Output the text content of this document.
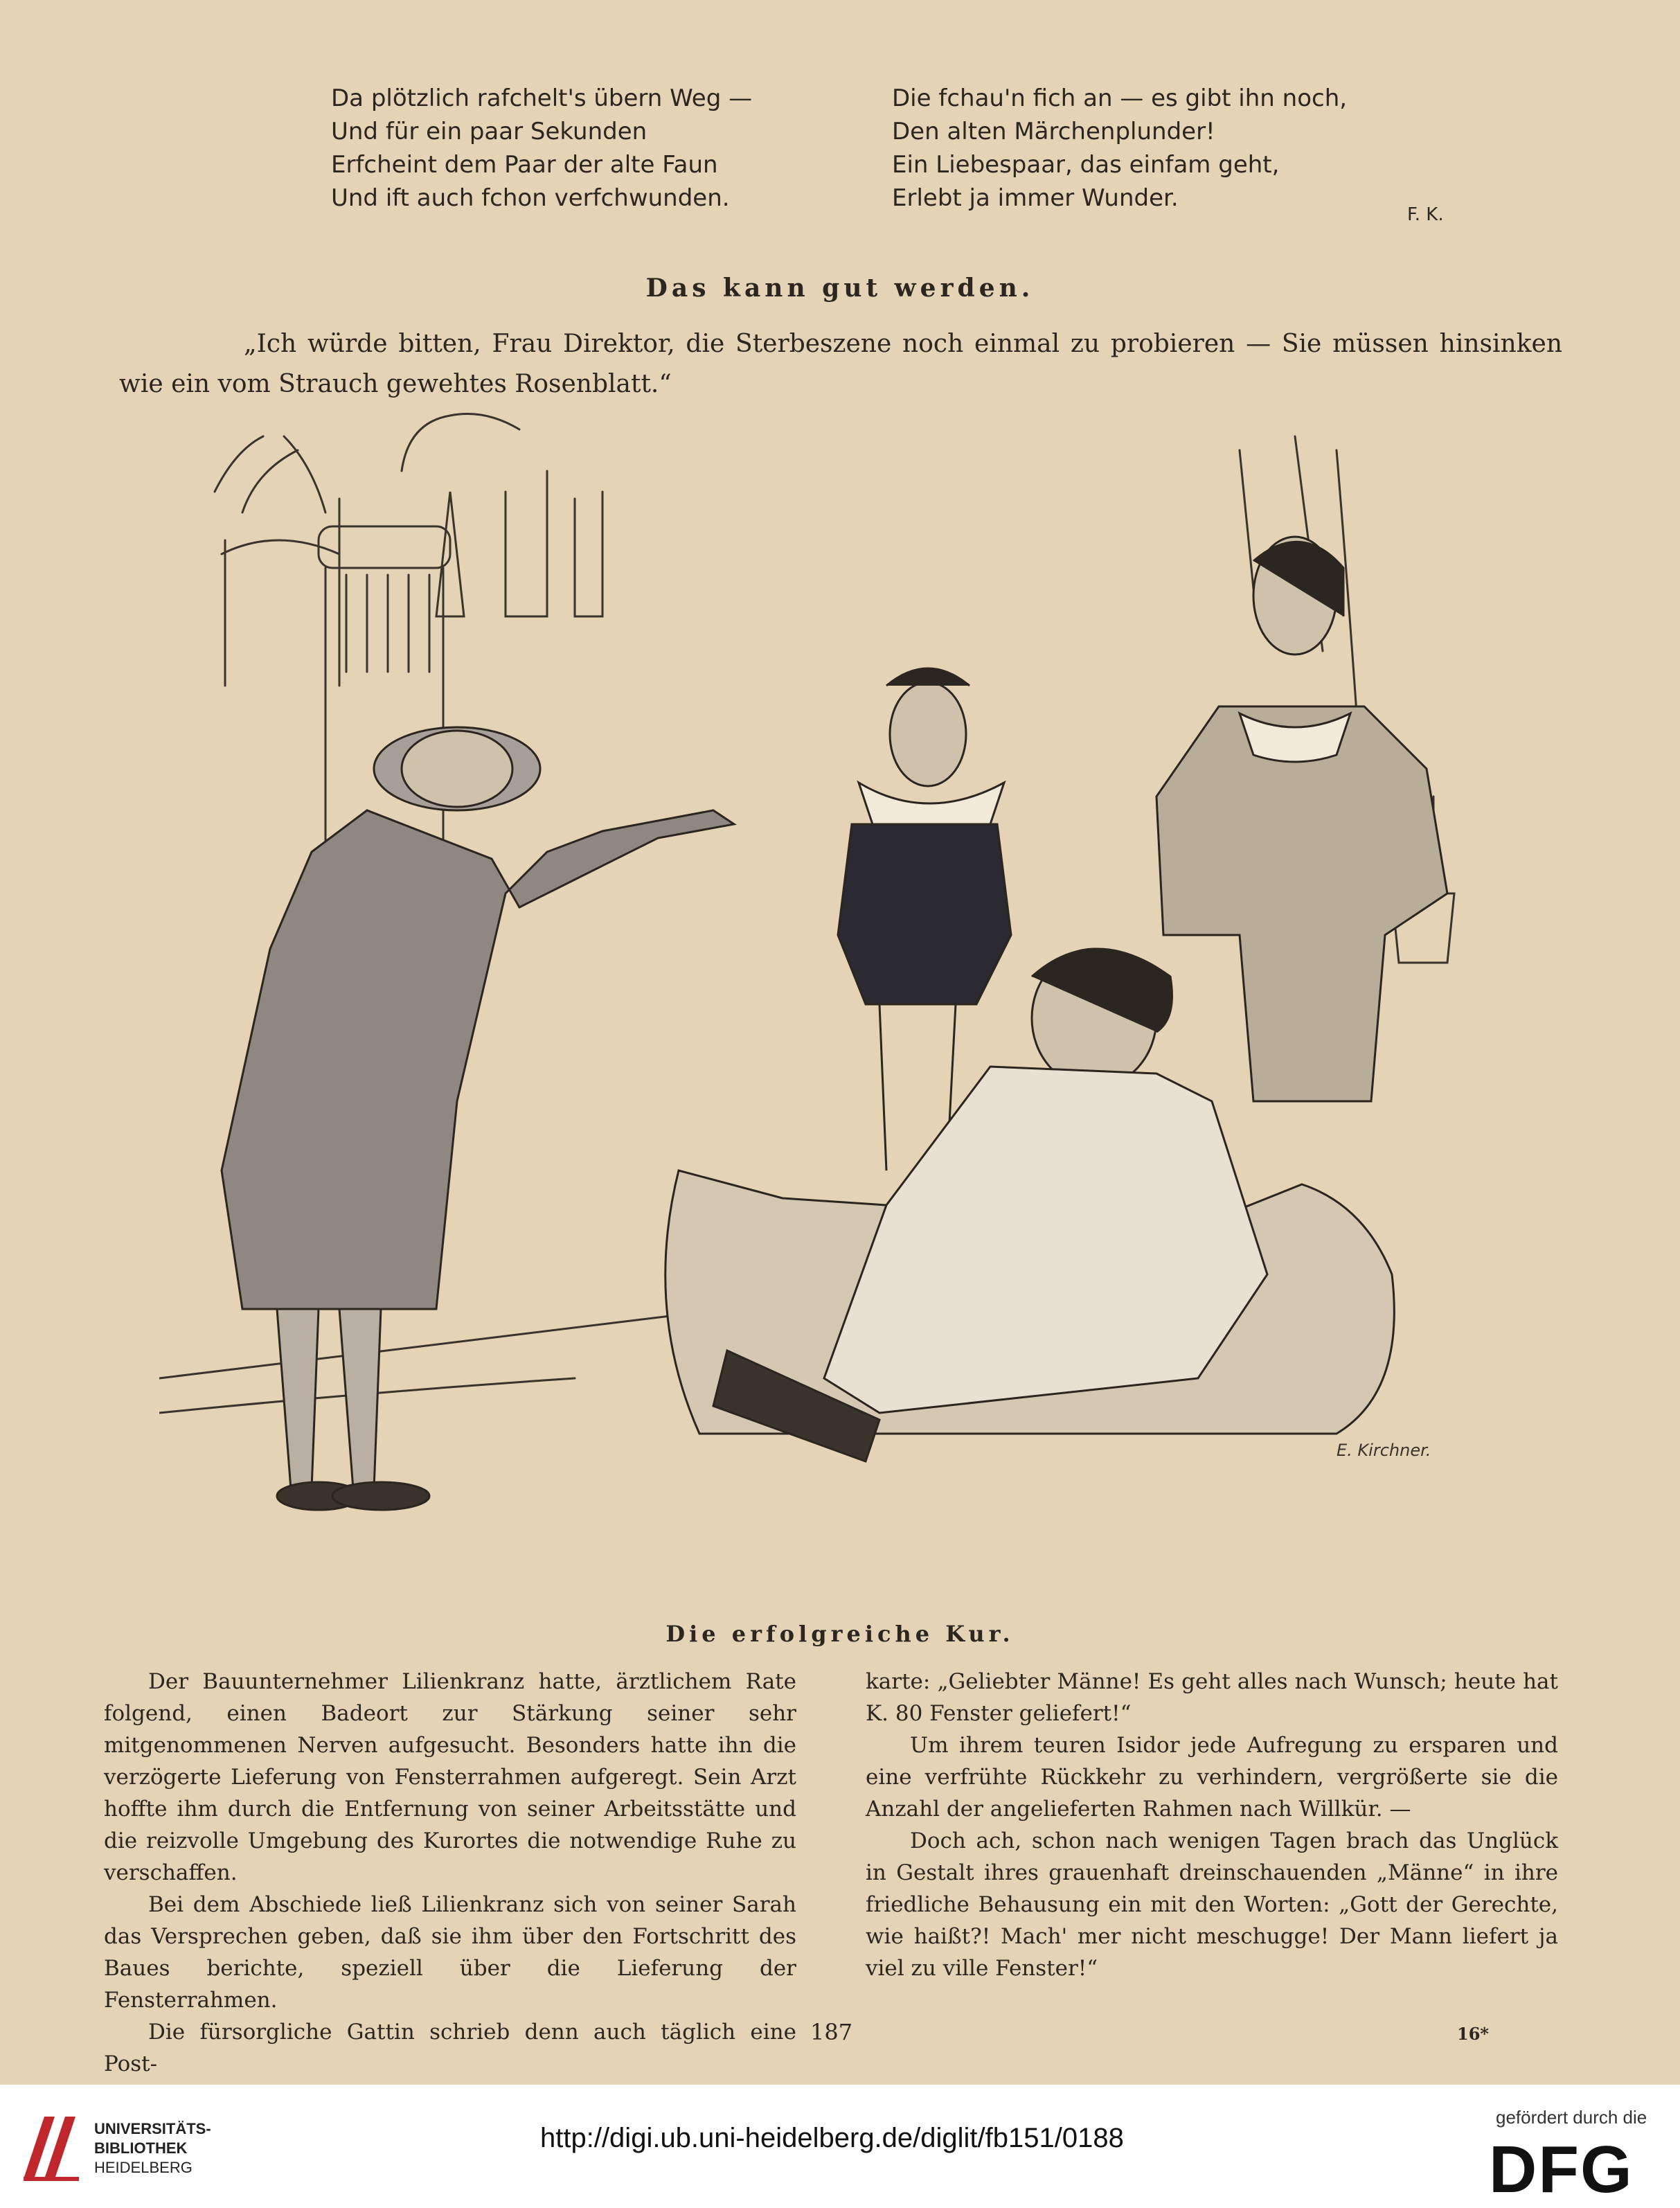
Da plötzlich rafchelt's übern Weg —
Und für ein paar Sekunden
Erfcheint dem Paar der alte Faun
Und ift auch fchon verfchwunden.
Die fchau'n fich an — es gibt ihn noch,
Den alten Märchenplunder!
Ein Liebespaar, das einfam geht,
Erlebt ja immer Wunder.
F. K.
Das kann gut werden.
„Ich würde bitten, Frau Direktor, die Sterbeszene noch einmal zu probieren — Sie müssen hinsinken wie ein vom Strauch gewehtes Rosenblatt.“
E. Kirchner.
Die erfolgreiche Kur.

Der Bauunternehmer Lilienkranz hatte, ärztlichem Rate folgend, einen Badeort zur Stärkung seiner sehr mitgenommenen Nerven aufgesucht. Besonders hatte ihn die verzögerte Lieferung von Fensterrahmen aufgeregt. Sein Arzt hoffte ihm durch die Entfernung von seiner Arbeitsstätte und die reizvolle Umgebung des Kurortes die notwendige Ruhe zu verschaffen.

Bei dem Abschiede ließ Lilienkranz sich von seiner Sarah das Versprechen geben, daß sie ihm über den Fortschritt des Baues berichte, speziell über die Lieferung der Fensterrahmen.

Die fürsorgliche Gattin schrieb denn auch täglich eine Post-

karte: „Geliebter Männe! Es geht alles nach Wunsch; heute hat K. 80 Fenster geliefert!“

Um ihrem teuren Isidor jede Aufregung zu ersparen und eine verfrühte Rückkehr zu verhindern, vergrößerte sie die Anzahl der angelieferten Rahmen nach Willkür. —

Doch ach, schon nach wenigen Tagen brach das Unglück in Gestalt ihres grauenhaft dreinschauenden „Männe“ in ihre friedliche Behausung ein mit den Worten: „Gott der Gerechte, wie haißt?! Mach' mer nicht meschugge! Der Mann liefert ja viel zu ville Fenster!“

187	16*
UNIVERSITÄTS-
BIBLIOTHEK
HEIDELBERG
http://digi.ub.uni-heidelberg.de/diglit/fb151/0188
gefördert durch die
DFG
